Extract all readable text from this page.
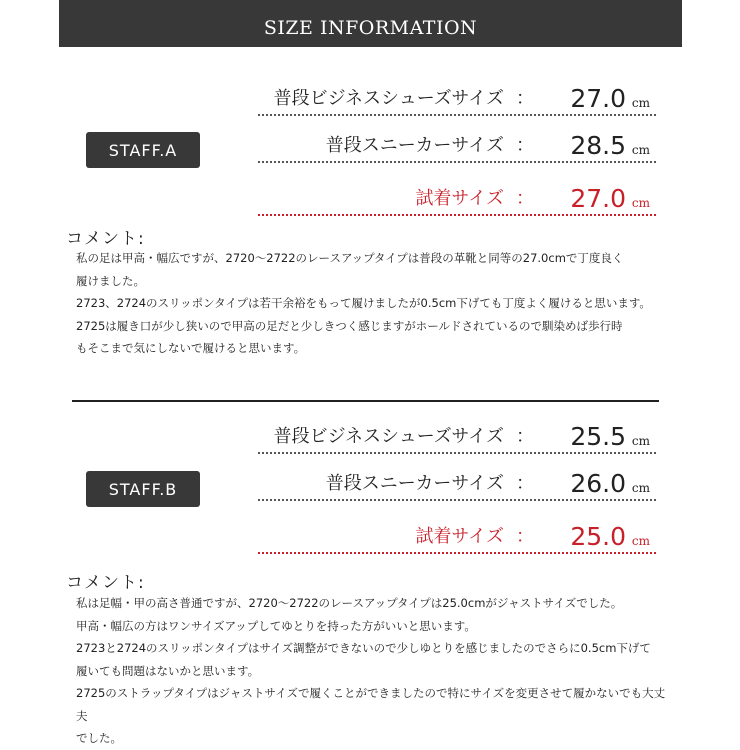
SIZE INFORMATION
STAFF.A
普段ビジネスシューズサイズ ： 27.0 cm
普段スニーカーサイズ ： 28.5 cm
試着サイズ ： 27.0 cm
コメント:

私の足は甲高・幅広ですが、2720～2722のレースアップタイプは普段の革靴と同等の27.0cmで丁度良く

履けました。

2723、2724のスリッポンタイプは若干余裕をもって履けましたが0.5cm下げても丁度よく履けると思います。

2725は履き口が少し狭いので甲高の足だと少しきつく感じますがホールドされているので馴染めば歩行時

もそこまで気にしないで履けると思います。

STAFF.B
普段ビジネスシューズサイズ ： 25.5 cm
普段スニーカーサイズ ： 26.0 cm
試着サイズ ： 25.0 cm
コメント:

私は足幅・甲の高さ普通ですが、2720～2722のレースアップタイプは25.0cmがジャストサイズでした。

甲高・幅広の方はワンサイズアップしてゆとりを持った方がいいと思います。

2723と2724のスリッポンタイプはサイズ調整ができないので少しゆとりを感じましたのでさらに0.5cm下げて

履いても問題はないかと思います。

2725のストラップタイプはジャストサイズで履くことができましたので特にサイズを変更させて履かないでも大丈夫

でした。
